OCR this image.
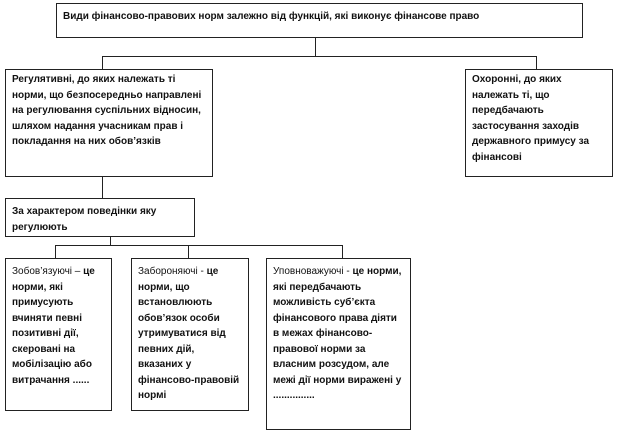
Види фінансово-правових норм залежно від функцій, які виконує фінансове право
Регулятивні, до яких належать ті норми, що безпосередньо направлені на регулювання суспільних відносин, шляхом надання учасникам прав і покладання на них обов’язків
Охоронні, до яких належать ті, що передбачають застосування заходів державного примусу за фінансові
За характером поведінки яку регулюють
Зобов’язуючі – це норми, які примусують вчиняти певні позитивні дії, скеровані на мобілізацію або витрачання ......
Забороняючі - це норми, що встановлюють обов’язок особи утримуватися від певних дій, вказаних у фінансово-правовій нормі
Уповноважуючі - це норми, які передбачають можливість суб’єкта фінансового права діяти в межах фінансово-правової норми за власним розсудом, але межі дії норми виражені у ...............
